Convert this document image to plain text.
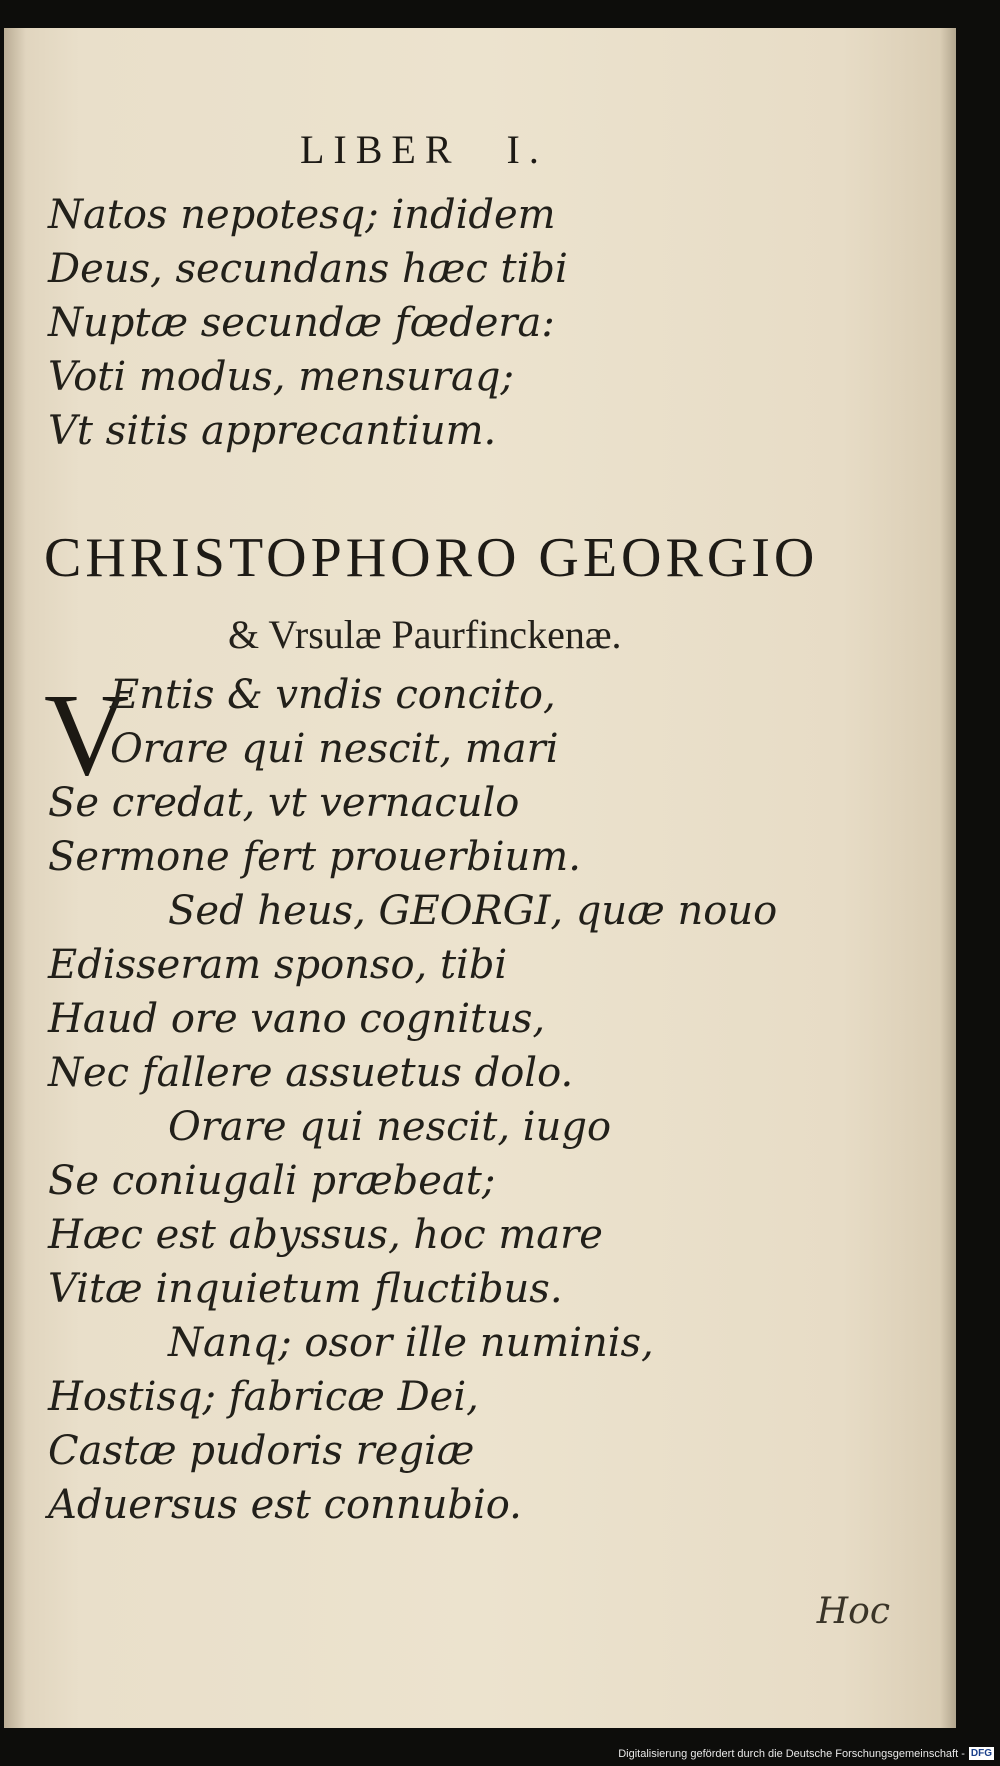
LIBER I.
Natos nepotesq; indidem
Deus, secundans hæc tibi
Nuptæ secundæ fœdera:
Voti modus, mensuraq;
Vt sitis apprecantium.
CHRISTOPHORO GEORGIO
& Vrsulæ Paurfinckenæ.
V
Entis & vndis concito,
Orare qui nescit, mari
Se credat, vt vernaculo
Sermone fert prouerbium.
Sed heus, GEORGI, quæ nouo
Edisseram sponso, tibi
Haud ore vano cognitus,
Nec fallere assuetus dolo.
Orare qui nescit, iugo
Se coniugali præbeat;
Hæc est abyssus, hoc mare
Vitæ inquietum fluctibus.
Nanq; osor ille numinis,
Hostisq; fabricæ Dei,
Castæ pudoris regiæ
Aduersus est connubio.
Hoc
Digitalisierung gefördert durch die Deutsche Forschungsgemeinschaft - DFG
